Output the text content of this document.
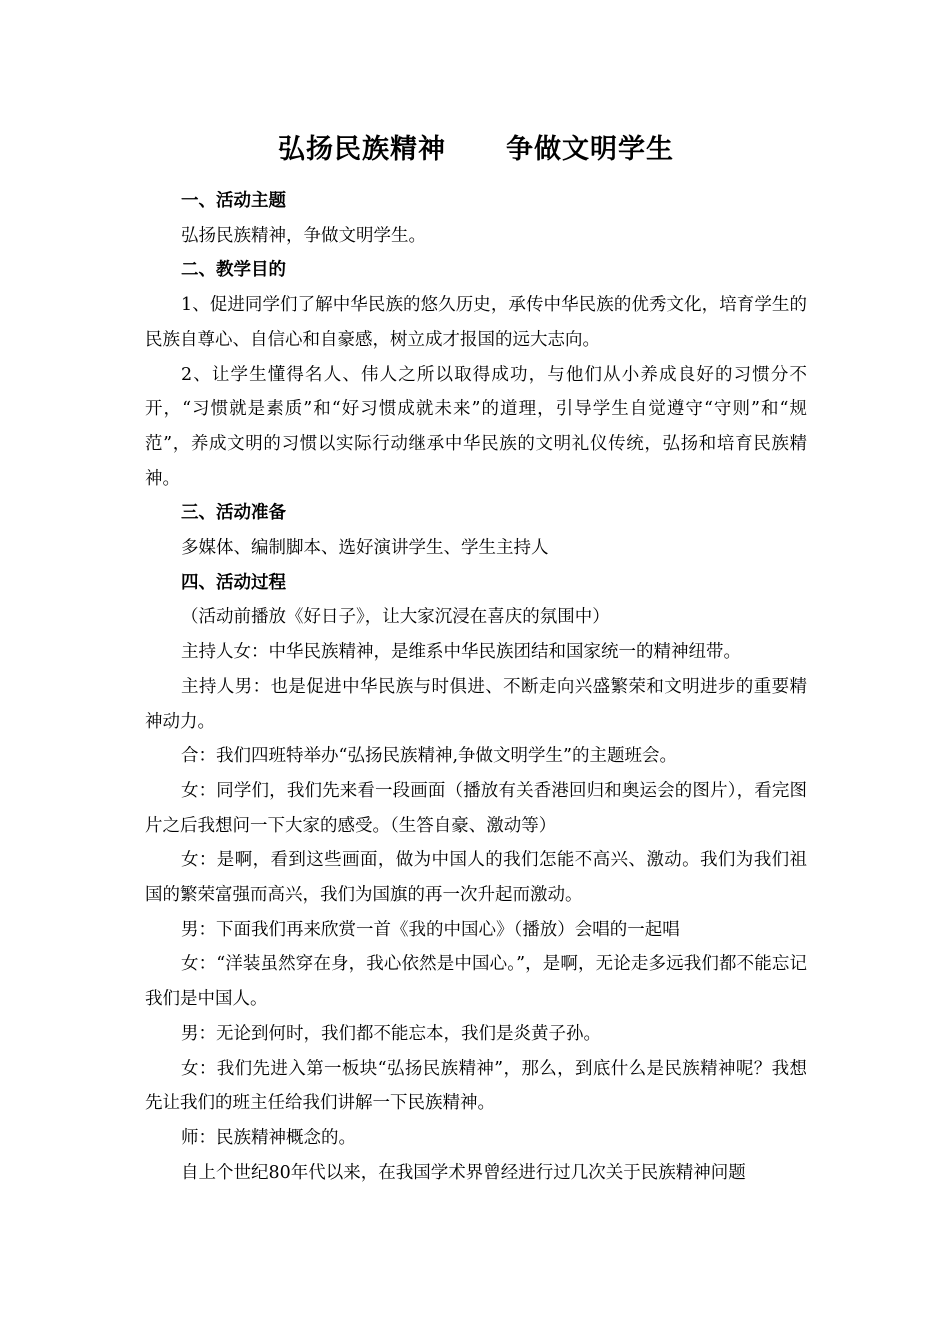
弘扬民族精神 争做文明学生

一、活动主题

弘扬民族精神，争做文明学生。

二、教学目的

1、促进同学们了解中华民族的悠久历史，承传中华民族的优秀文化，培育学生的民族自尊心、自信心和自豪感，树立成才报国的远大志向。

2、让学生懂得名人、伟人之所以取得成功，与他们从小养成良好的习惯分不开，“习惯就是素质”和“好习惯成就未来”的道理，引导学生自觉遵守“守则”和“规范”，养成文明的习惯以实际行动继承中华民族的文明礼仪传统，弘扬和培育民族精神。

三、活动准备

多媒体、编制脚本、选好演讲学生、学生主持人

四、活动过程

（活动前播放《好日子》，让大家沉浸在喜庆的氛围中）

主持人女：中华民族精神，是维系中华民族团结和国家统一的精神纽带。

主持人男：也是促进中华民族与时俱进、不断走向兴盛繁荣和文明进步的重要精神动力。

合：我们四班特举办“弘扬民族精神,争做文明学生”的主题班会。

女：同学们，我们先来看一段画面（播放有关香港回归和奥运会的图片），看完图片之后我想问一下大家的感受。（生答自豪、激动等）

女：是啊，看到这些画面，做为中国人的我们怎能不高兴、激动。我们为我们祖国的繁荣富强而高兴，我们为国旗的再一次升起而激动。

男：下面我们再来欣赏一首《我的中国心》（播放）会唱的一起唱

女：“洋装虽然穿在身，我心依然是中国心。”，是啊，无论走多远我们都不能忘记我们是中国人。

男：无论到何时，我们都不能忘本，我们是炎黄子孙。

女：我们先进入第一板块“弘扬民族精神”，那么，到底什么是民族精神呢？我想先让我们的班主任给我们讲解一下民族精神。

师：民族精神概念的。

自上个世纪80年代以来，在我国学术界曾经进行过几次关于民族精神问题
